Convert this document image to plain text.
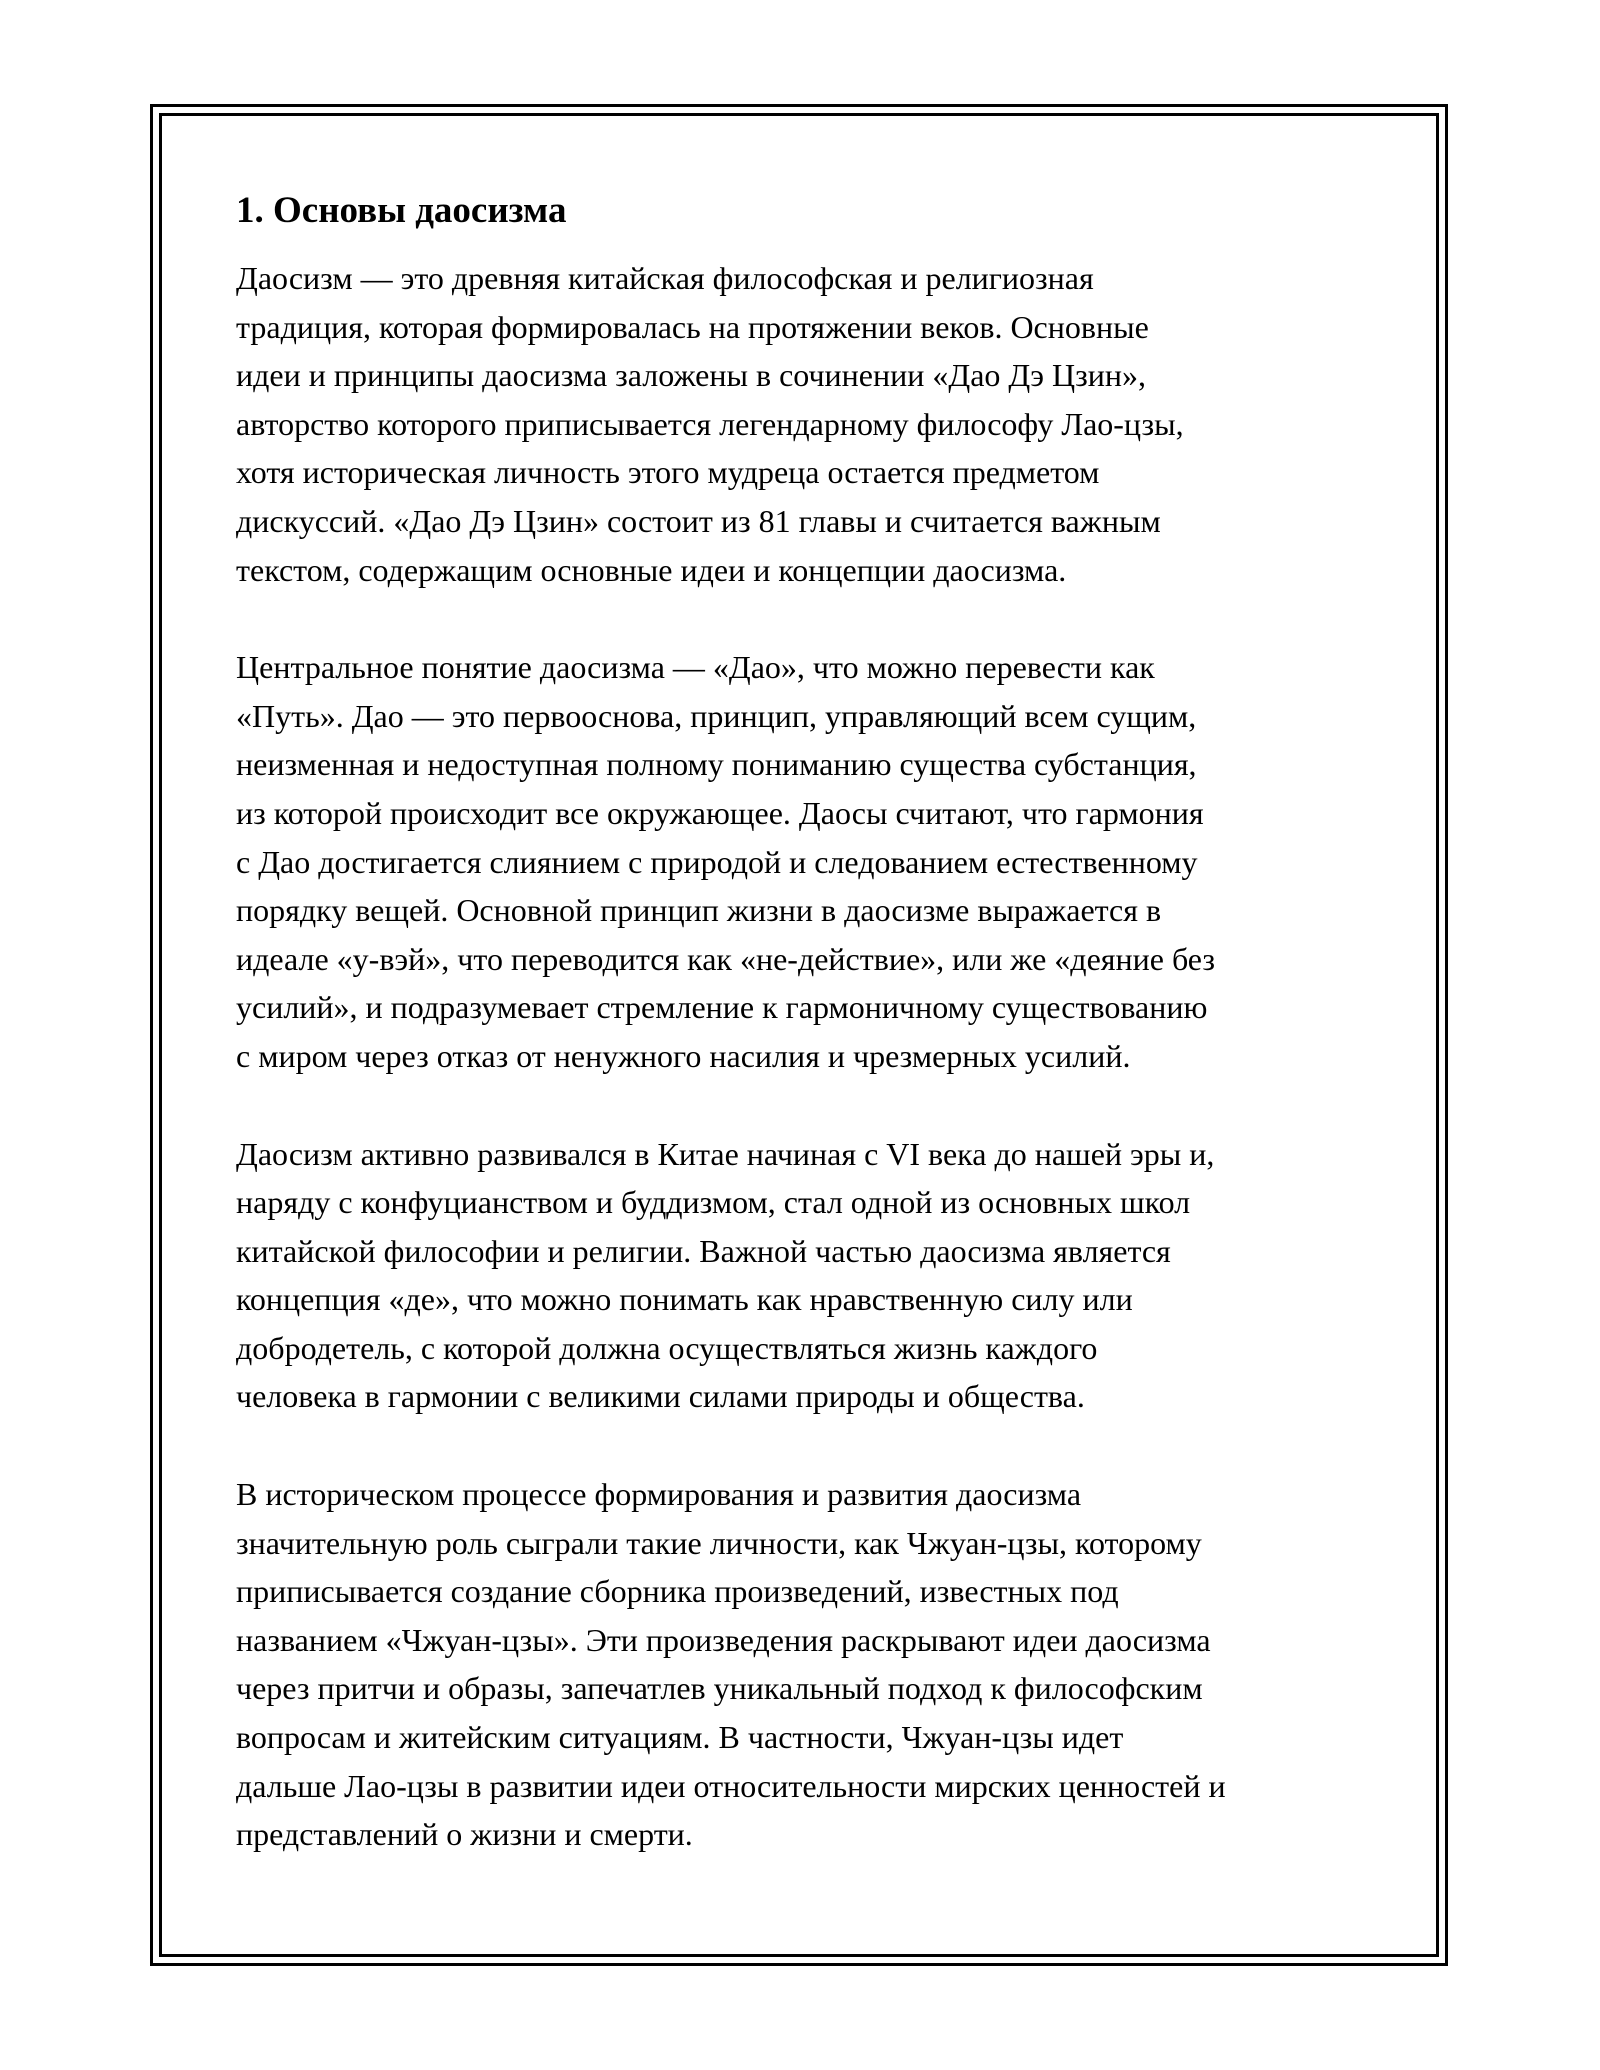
1. Основы даосизма

Даосизм — это древняя китайская философская и религиозная
традиция, которая формировалась на протяжении веков. Основные
идеи и принципы даосизма заложены в сочинении «Дао Дэ Цзин»,
авторство которого приписывается легендарному философу Лао-цзы,
хотя историческая личность этого мудреца остается предметом
дискуссий. «Дао Дэ Цзин» состоит из 81 главы и считается важным
текстом, содержащим основные идеи и концепции даосизма.

Центральное понятие даосизма — «Дао», что можно перевести как
«Путь». Дао — это первооснова, принцип, управляющий всем сущим,
неизменная и недоступная полному пониманию существа субстанция,
из которой происходит все окружающее. Даосы считают, что гармония
с Дао достигается слиянием с природой и следованием естественному
порядку вещей. Основной принцип жизни в даосизме выражается в
идеале «у-вэй», что переводится как «не-действие», или же «деяние без
усилий», и подразумевает стремление к гармоничному существованию
с миром через отказ от ненужного насилия и чрезмерных усилий.

Даосизм активно развивался в Китае начиная с VI века до нашей эры и,
наряду с конфуцианством и буддизмом, стал одной из основных школ
китайской философии и религии. Важной частью даосизма является
концепция «де», что можно понимать как нравственную силу или
добродетель, с которой должна осуществляться жизнь каждого
человека в гармонии с великими силами природы и общества.

В историческом процессе формирования и развития даосизма
значительную роль сыграли такие личности, как Чжуан-цзы, которому
приписывается создание сборника произведений, известных под
названием «Чжуан-цзы». Эти произведения раскрывают идеи даосизма
через притчи и образы, запечатлев уникальный подход к философским
вопросам и житейским ситуациям. В частности, Чжуан-цзы идет
дальше Лао-цзы в развитии идеи относительности мирских ценностей и
представлений о жизни и смерти.
